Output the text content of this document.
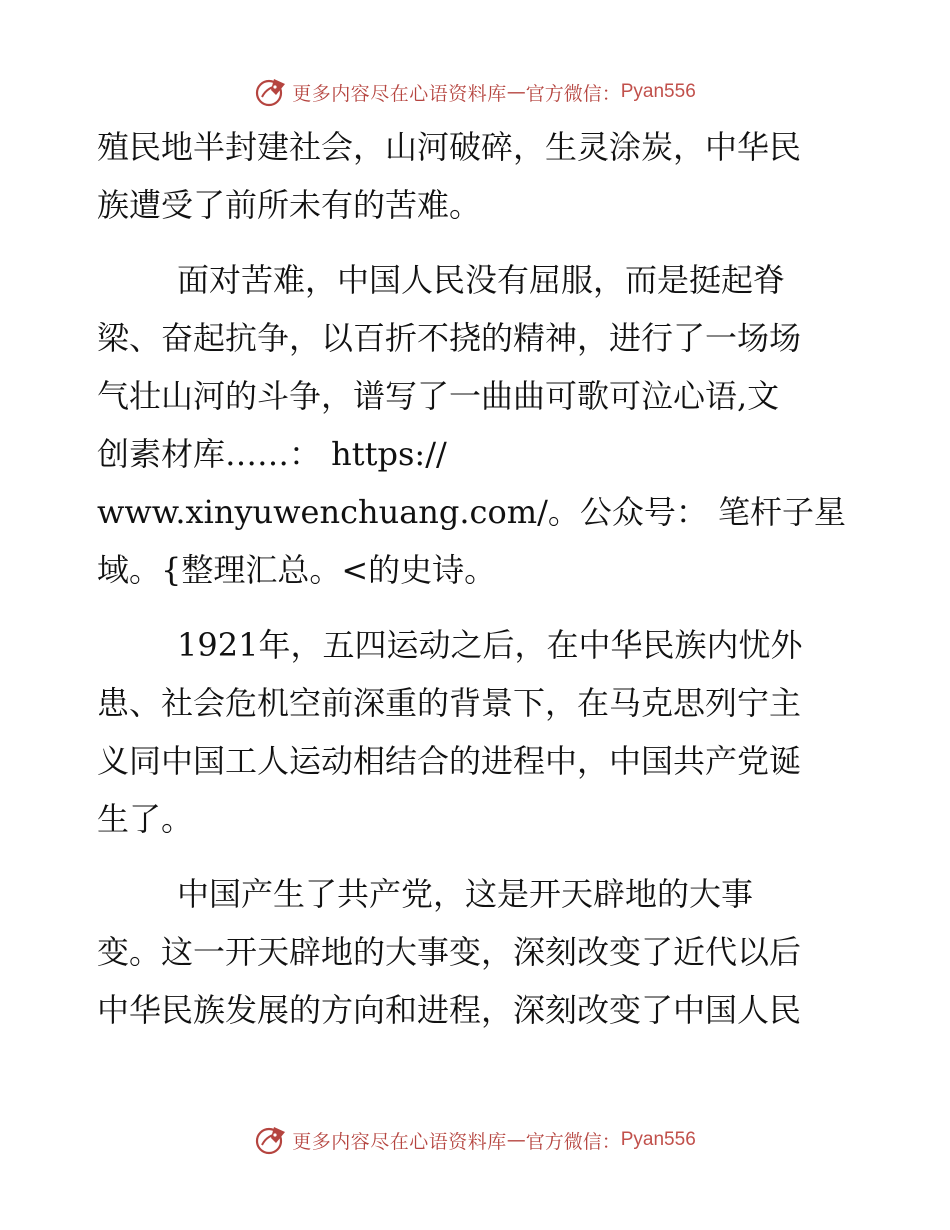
更多内容尽在心语资料库 — 官方微信： Pyan556
殖民地半封建社会，山河破碎，生灵涂炭，中华民
族遭受了前所未有的苦难。
面对苦难，中国人民没有屈服，而是挺起脊
梁、奋起抗争，以百折不挠的精神，进行了一场场
气壮山河的斗争，谱写了一曲曲可歌可泣心语,文
创素材库……： https://
www.xinyuwenchuang.com/。公众号： 笔杆子星
域。{整理汇总。<的史诗。
1921年，五四运动之后，在中华民族内忧外
患、社会危机空前深重的背景下，在马克思列宁主
义同中国工人运动相结合的进程中，中国共产党诞
生了。
中国产生了共产党，这是开天辟地的大事
变。这一开天辟地的大事变，深刻改变了近代以后
中华民族发展的方向和进程，深刻改变了中国人民
更多内容尽在心语资料库 — 官方微信： Pyan556
